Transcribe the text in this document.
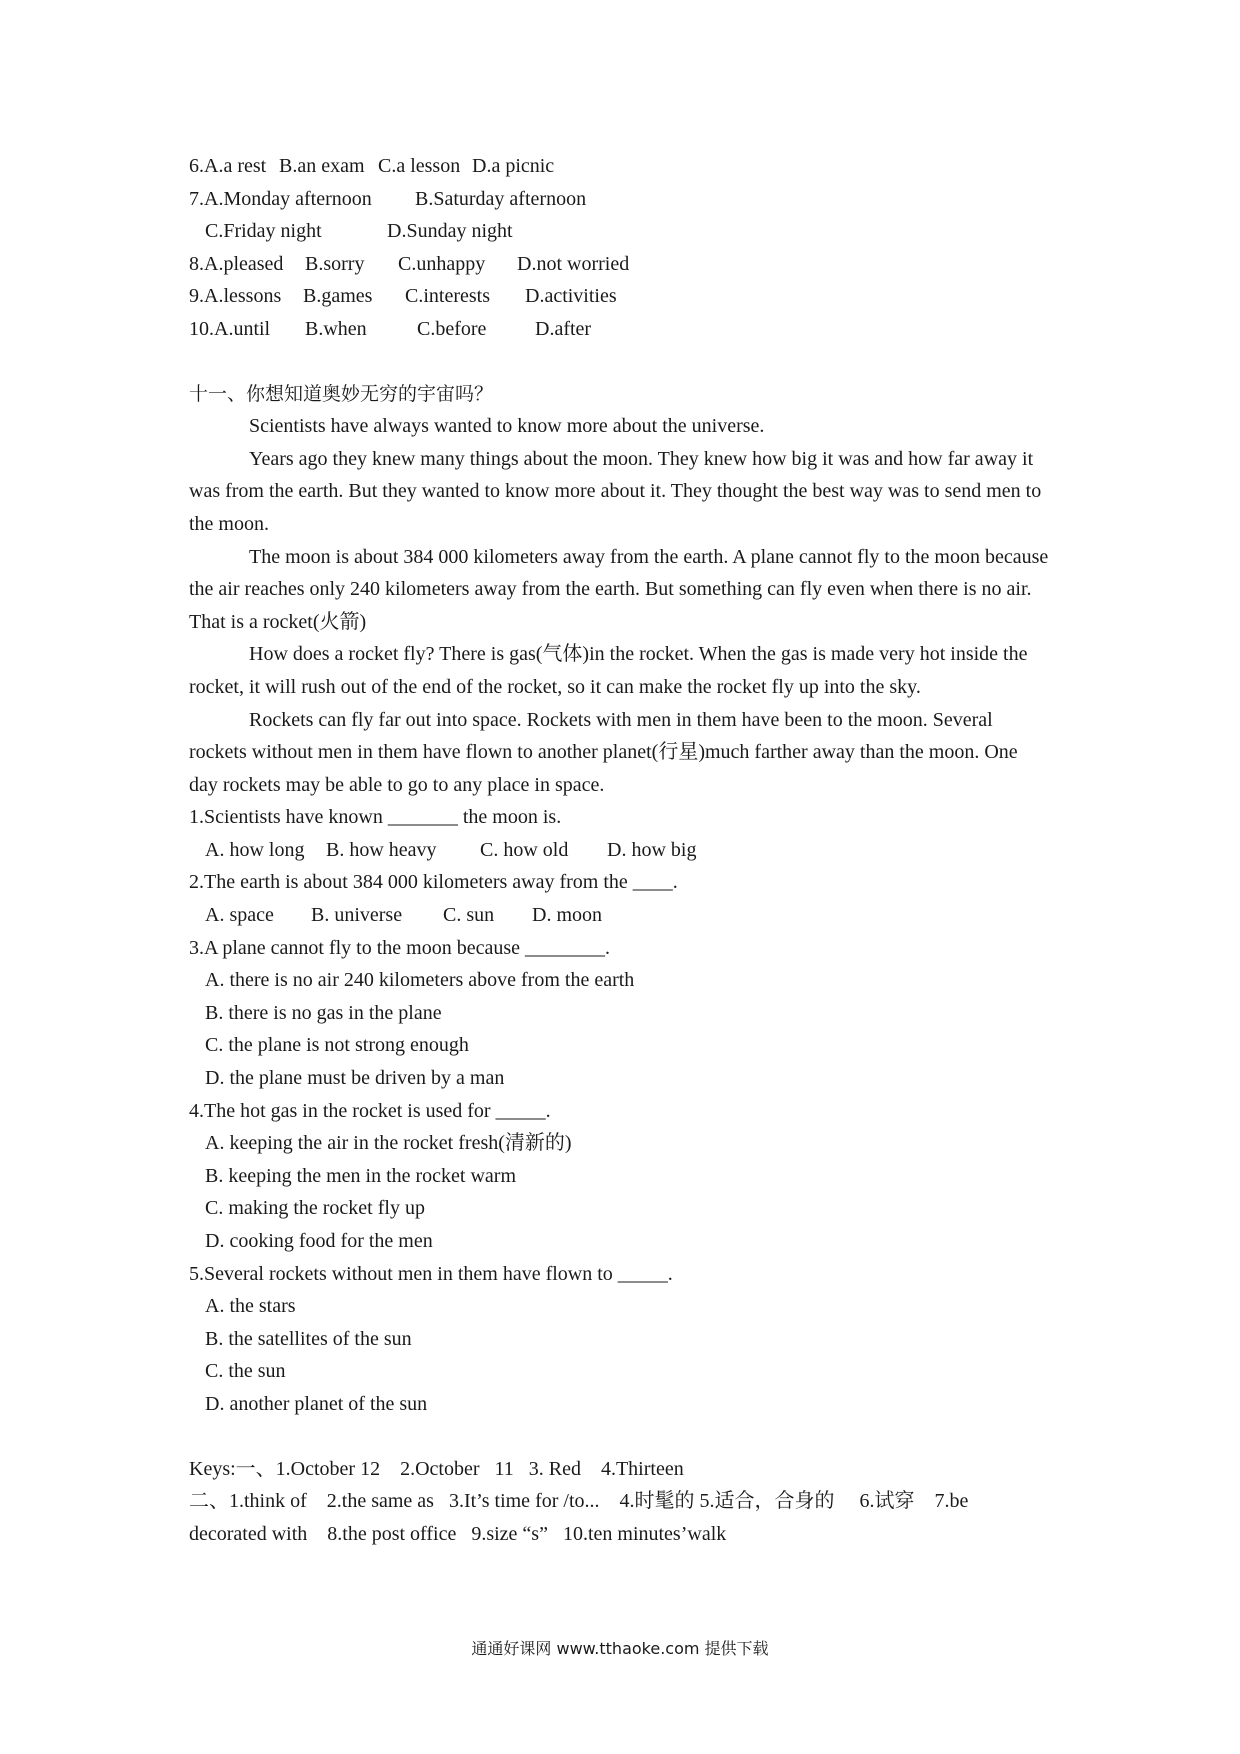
6.A.a rest B.an exam C.a lesson D.a picnic
7.A.Monday afternoon	B.Saturday afternoon
C.Friday night	D.Sunday night
8.A.pleased	B.sorry	C.unhappy	D.not worried
9.A.lessons	B.games	C.interests	D.activities
10.A.until	B.when	C.before	D.after
十一、你想知道奥妙无穷的宇宙吗？
Scientists have always wanted to know more about the universe.
Years ago they knew many things about the moon. They knew how big it was and how far away it was from the earth. But they wanted to know more about it. They thought the best way was to send men to the moon.
The moon is about 384 000 kilometers away from the earth. A plane cannot fly to the moon because the air reaches only 240 kilometers away from the earth. But something can fly even when there is no air. That is a rocket(火箭)
How does a rocket fly? There is gas(气体)in the rocket. When the gas is made very hot inside the rocket, it will rush out of the end of the rocket, so it can make the rocket fly up into the sky.
Rockets can fly far out into space. Rockets with men in them have been to the moon. Several rockets without men in them have flown to another planet(行星)much farther away than the moon. One day rockets may be able to go to any place in space.
1.Scientists have known _______ the moon is.
A. how long	B. how heavy	C. how old	D. how big
2.The earth is about 384 000 kilometers away from the ____.
A. space	B. universe	C. sun	D. moon
3.A plane cannot fly to the moon because ________.
A. there is no air 240 kilometers above from the earth
B. there is no gas in the plane
C. the plane is not strong enough
D. the plane must be driven by a man
4.The hot gas in the rocket is used for _____.
A. keeping the air in the rocket fresh(清新的)
B. keeping the men in the rocket warm
C. making the rocket fly up
D. cooking food for the men
5.Several rockets without men in them have flown to _____.
A. the stars
B. the satellites of the sun
C. the sun
D. another planet of the sun
Keys:一、1.October 12    2.October   11   3. Red    4.Thirteen
二、1.think of    2.the same as   3.It’s time for /to...    4.时髦的 5.适合，合身的     6.试穿    7.be
decorated with    8.the post office   9.size “s”   10.ten minutes’walk
通通好课网 www.tthaoke.com 提供下载
